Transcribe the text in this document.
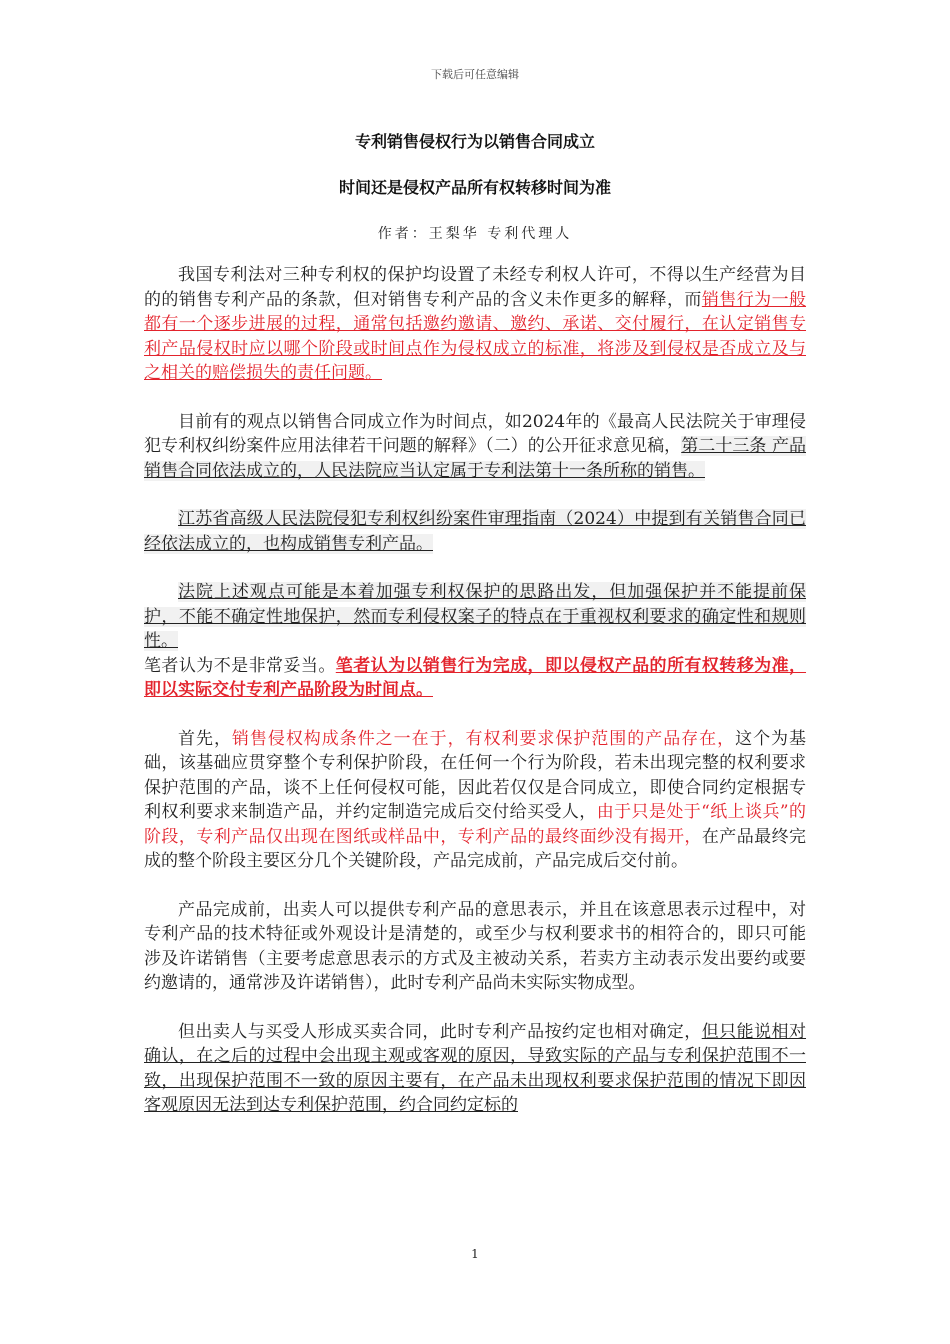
下载后可任意编辑
专利销售侵权行为以销售合同成立
时间还是侵权产品所有权转移时间为准
作者：王梨华 专利代理人

我国专利法对三种专利权的保护均设置了未经专利权人许可，不得以生产经营为目的的销售专利产品的条款，但对销售专利产品的含义未作更多的解释，而销售行为一般都有一个逐步进展的过程，通常包括邀约邀请、邀约、承诺、交付履行，在认定销售专利产品侵权时应以哪个阶段或时间点作为侵权成立的标准，将涉及到侵权是否成立及与之相关的赔偿损失的责任问题。

目前有的观点以销售合同成立作为时间点，如2024年的《最高人民法院关于审理侵犯专利权纠纷案件应用法律若干问题的解释》（二）的公开征求意见稿，第二十三条 产品销售合同依法成立的，人民法院应当认定属于专利法第十一条所称的销售。

江苏省高级人民法院侵犯专利权纠纷案件审理指南（2024）中提到有关销售合同已经依法成立的，也构成销售专利产品。

法院上述观点可能是本着加强专利权保护的思路出发，但加强保护并不能提前保护，不能不确定性地保护，然而专利侵权案子的特点在于重视权利要求的确定性和规则性。

笔者认为不是非常妥当。笔者认为以销售行为完成，即以侵权产品的所有权转移为准，即以实际交付专利产品阶段为时间点。

首先，销售侵权构成条件之一在于，有权利要求保护范围的产品存在，这个为基础，该基础应贯穿整个专利保护阶段，在任何一个行为阶段，若未出现完整的权利要求保护范围的产品，谈不上任何侵权可能，因此若仅仅是合同成立，即使合同约定根据专利权利要求来制造产品，并约定制造完成后交付给买受人，由于只是处于“纸上谈兵”的阶段，专利产品仅出现在图纸或样品中，专利产品的最终面纱没有揭开，在产品最终完成的整个阶段主要区分几个关键阶段，产品完成前，产品完成后交付前。

产品完成前，出卖人可以提供专利产品的意思表示，并且在该意思表示过程中，对专利产品的技术特征或外观设计是清楚的，或至少与权利要求书的相符合的，即只可能涉及许诺销售（主要考虑意思表示的方式及主被动关系，若卖方主动表示发出要约或要约邀请的，通常涉及许诺销售），此时专利产品尚未实际实物成型。

但出卖人与买受人形成买卖合同，此时专利产品按约定也相对确定，但只能说相对确认，在之后的过程中会出现主观或客观的原因，导致实际的产品与专利保护范围不一致，出现保护范围不一致的原因主要有，在产品未出现权利要求保护范围的情况下即因客观原因无法到达专利保护范围，约合同约定标的

1
